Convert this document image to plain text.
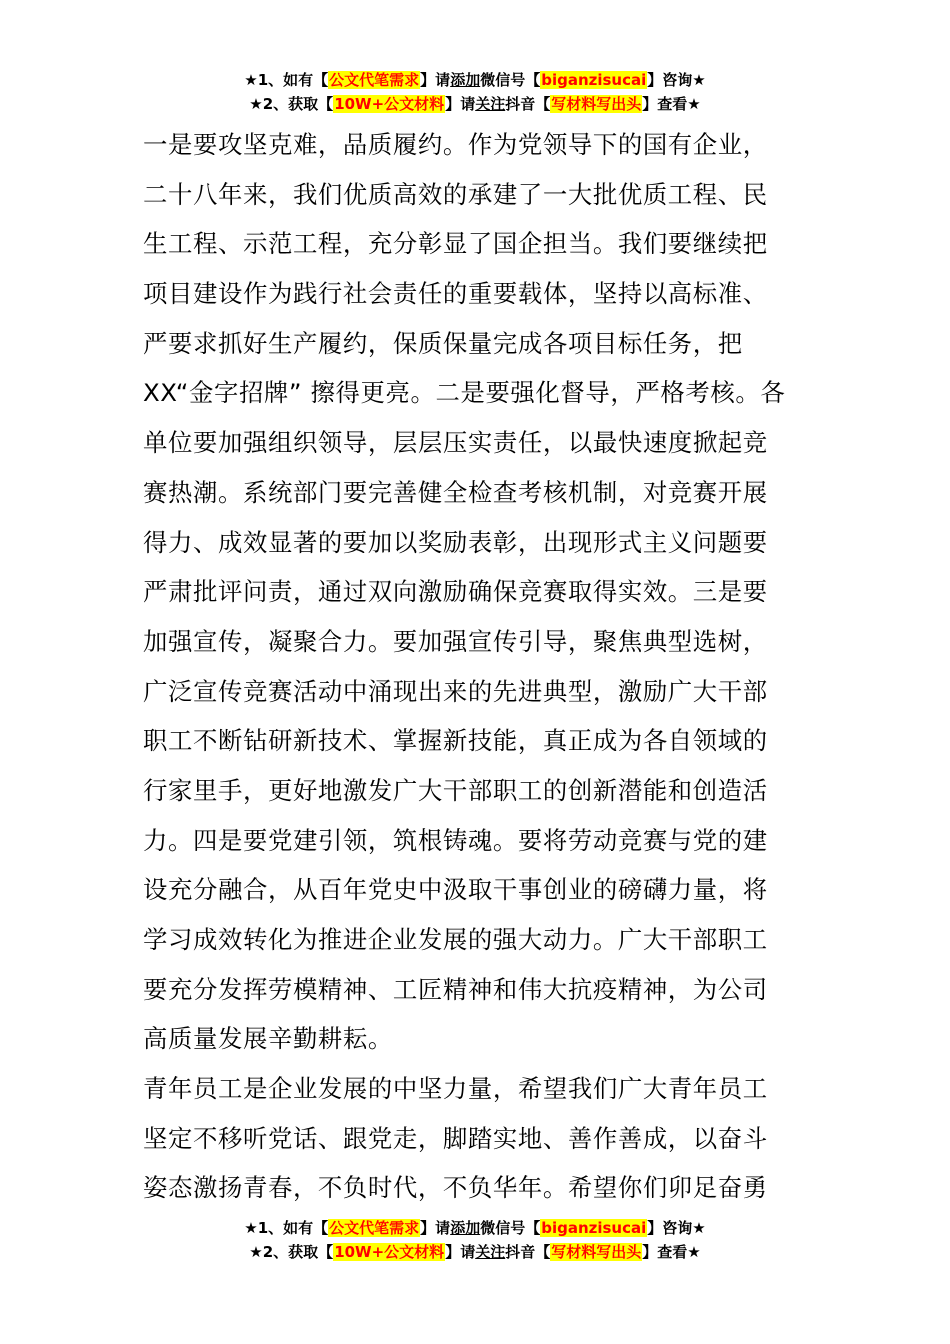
★1、如有【公文代笔需求】请添加微信号【biganzisucai】咨询★
★2、获取【10W+公文材料】请关注抖音【写材料写出头】查看★
一是要攻坚克难，品质履约。作为党领导下的国有企业，
二十八年来，我们优质高效的承建了一大批优质工程、民
生工程、示范工程，充分彰显了国企担当。我们要继续把
项目建设作为践行社会责任的重要载体，坚持以高标准、
严要求抓好生产履约，保质保量完成各项目标任务，把
XX“金字招牌” 擦得更亮。二是要强化督导，严格考核。各
单位要加强组织领导，层层压实责任，以最快速度掀起竞
赛热潮。系统部门要完善健全检查考核机制，对竞赛开展
得力、成效显著的要加以奖励表彰，出现形式主义问题要
严肃批评问责，通过双向激励确保竞赛取得实效。三是要
加强宣传，凝聚合力。要加强宣传引导，聚焦典型选树，
广泛宣传竞赛活动中涌现出来的先进典型，激励广大干部
职工不断钻研新技术、掌握新技能，真正成为各自领域的
行家里手，更好地激发广大干部职工的创新潜能和创造活
力。四是要党建引领，筑根铸魂。要将劳动竞赛与党的建
设充分融合，从百年党史中汲取干事创业的磅礴力量，将
学习成效转化为推进企业发展的强大动力。广大干部职工
要充分发挥劳模精神、工匠精神和伟大抗疫精神，为公司
高质量发展辛勤耕耘。
青年员工是企业发展的中坚力量，希望我们广大青年员工
坚定不移听党话、跟党走，脚踏实地、善作善成，以奋斗
姿态激扬青春，不负时代，不负华年。希望你们卯足奋勇
★1、如有【公文代笔需求】请添加微信号【biganzisucai】咨询★
★2、获取【10W+公文材料】请关注抖音【写材料写出头】查看★
